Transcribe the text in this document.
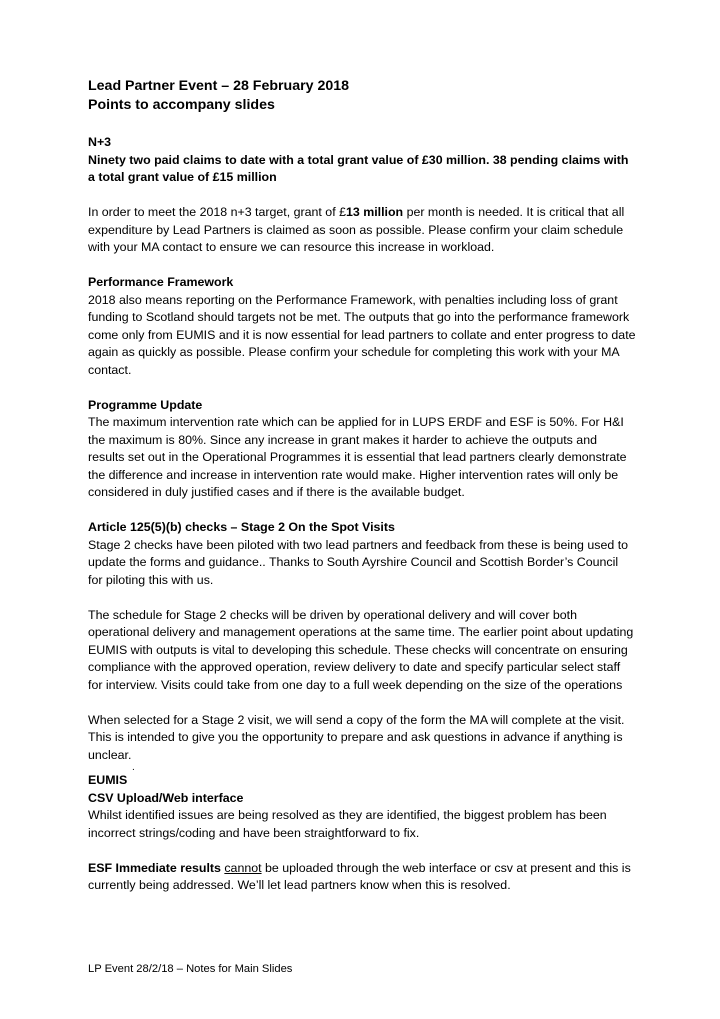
Lead Partner Event – 28 February 2018

Points to accompany slides

N+3

Ninety two paid claims to date with a total grant value of £30 million. 38 pending claims with a total grant value of £15 million

In order to meet the 2018 n+3 target, grant of £13 million per month is needed. It is critical that all expenditure by Lead Partners is claimed as soon as possible. Please confirm your claim schedule with your MA contact to ensure we can resource this increase in workload.

Performance Framework

2018 also means reporting on the Performance Framework, with penalties including loss of grant funding to Scotland should targets not be met. The outputs that go into the performance framework come only from EUMIS and it is now essential for lead partners to collate and enter progress to date again as quickly as possible. Please confirm your schedule for completing this work with your MA contact.

Programme Update

The maximum intervention rate which can be applied for in LUPS ERDF and ESF is 50%. For H&I the maximum is 80%. Since any increase in grant makes it harder to achieve the outputs and results set out in the Operational Programmes it is essential that lead partners clearly demonstrate the difference and increase in intervention rate would make. Higher intervention rates will only be considered in duly justified cases and if there is the available budget.

Article 125(5)(b) checks – Stage 2 On the Spot Visits

Stage 2 checks have been piloted with two lead partners and feedback from these is being used to update the forms and guidance.. Thanks to South Ayrshire Council and Scottish Border’s Council for piloting this with us.

The schedule for Stage 2 checks will be driven by operational delivery and will cover both operational delivery and management operations at the same time. The earlier point about updating EUMIS with outputs is vital to developing this schedule. These checks will concentrate on ensuring compliance with the approved operation, review delivery to date and specify particular select staff for interview. Visits could take from one day to a full week depending on the size of the operations

When selected for a Stage 2 visit, we will send a copy of the form the MA will complete at the visit. This is intended to give you the opportunity to prepare and ask questions in advance if anything is unclear.

.

EUMIS

CSV Upload/Web interface

Whilst identified issues are being resolved as they are identified, the biggest problem has been incorrect strings/coding and have been straightforward to fix.

ESF Immediate results cannot be uploaded through the web interface or csv at present and this is currently being addressed. We’ll let lead partners know when this is resolved.

LP Event 28/2/18 – Notes for Main Slides
